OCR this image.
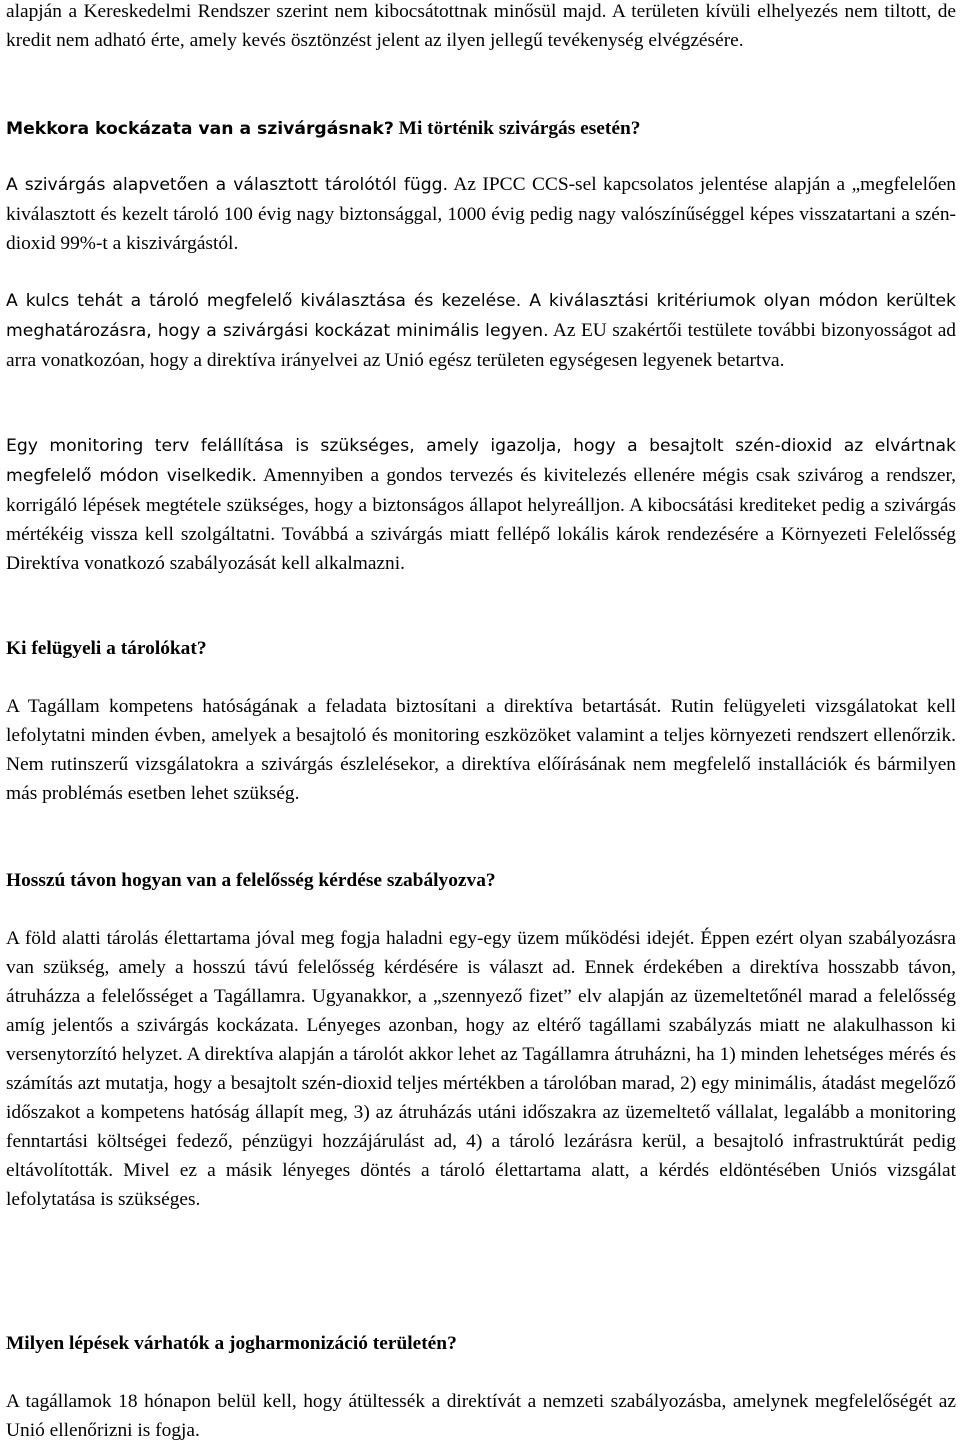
alapján a Kereskedelmi Rendszer szerint nem kibocsátottnak minősül majd. A területen kívüli elhelyezés nem tiltott, de kredit nem adható érte, amely kevés ösztönzést jelent az ilyen jellegű tevékenység elvégzésére.

Mekkora kockázata van a szivárgásnak? Mi történik szivárgás esetén?

A szivárgás alapvetően a választott tárolótól függ. Az IPCC CCS-sel kapcsolatos jelentése alapján a „megfelelően kiválasztott és kezelt tároló 100 évig nagy biztonsággal, 1000 évig pedig nagy valószínűséggel képes visszatartani a szén-dioxid 99%-t a kiszivárgástól.

A kulcs tehát a tároló megfelelő kiválasztása és kezelése. A kiválasztási kritériumok olyan módon kerültek meghatározásra, hogy a szivárgási kockázat minimális legyen. Az EU szakértői testülete további bizonyosságot ad arra vonatkozóan, hogy a direktíva irányelvei az Unió egész területen egységesen legyenek betartva.

Egy monitoring terv felállítása is szükséges, amely igazolja, hogy a besajtolt szén-dioxid az elvártnak megfelelő módon viselkedik. Amennyiben a gondos tervezés és kivitelezés ellenére mégis csak szivárog a rendszer, korrigáló lépések megtétele szükséges, hogy a biztonságos állapot helyreálljon. A kibocsátási krediteket pedig a szivárgás mértékéig vissza kell szolgáltatni. Továbbá a szivárgás miatt fellépő lokális károk rendezésére a Környezeti Felelősség Direktíva vonatkozó szabályozását kell alkalmazni.

Ki felügyeli a tárolókat?

A Tagállam kompetens hatóságának a feladata biztosítani a direktíva betartását. Rutin felügyeleti vizsgálatokat kell lefolytatni minden évben, amelyek a besajtoló és monitoring eszközöket valamint a teljes környezeti rendszert ellenőrzik. Nem rutinszerű vizsgálatokra a szivárgás észlelésekor, a direktíva előírásának nem megfelelő installációk és bármilyen más problémás esetben lehet szükség.

Hosszú távon hogyan van a felelősség kérdése szabályozva?

A föld alatti tárolás élettartama jóval meg fogja haladni egy-egy üzem működési idejét. Éppen ezért olyan szabályozásra van szükség, amely a hosszú távú felelősség kérdésére is választ ad. Ennek érdekében a direktíva hosszabb távon, átruházza a felelősséget a Tagállamra. Ugyanakkor, a „szennyező fizet” elv alapján az üzemeltetőnél marad a felelősség amíg jelentős a szivárgás kockázata. Lényeges azonban, hogy az eltérő tagállami szabályzás miatt ne alakulhasson ki versenytorzító helyzet. A direktíva alapján a tárolót akkor lehet az Tagállamra átruházni, ha 1) minden lehetséges mérés és számítás azt mutatja, hogy a besajtolt szén-dioxid teljes mértékben a tárolóban marad, 2) egy minimális, átadást megelőző időszakot a kompetens hatóság állapít meg, 3) az átruházás utáni időszakra az üzemeltető vállalat, legalább a monitoring fenntartási költségei fedező, pénzügyi hozzájárulást ad, 4) a tároló lezárásra kerül, a besajtoló infrastruktúrát pedig eltávolították. Mivel ez a másik lényeges döntés a tároló élettartama alatt, a kérdés eldöntésében Uniós vizsgálat lefolytatása is szükséges.

Milyen lépések várhatók a jogharmonizáció területén?

A tagállamok 18 hónapon belül kell, hogy átültessék a direktívát a nemzeti szabályozásba, amelynek megfelelőségét az Unió ellenőrizni is fogja.
